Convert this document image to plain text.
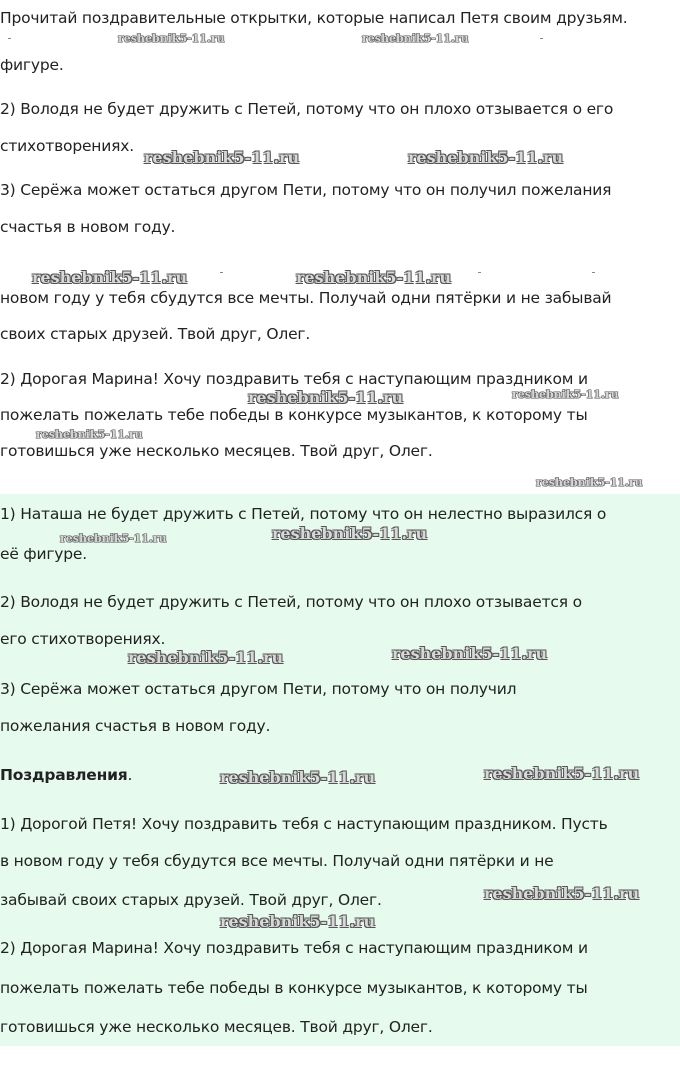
Прочитай поздравительные открытки, которые написал Петя своим друзьям.

фигуре.

2) Володя не будет дружить с Петей, потому что он плохо отзывается о его

стихотворениях.

3) Серёжа может остаться другом Пети, потому что он получил пожелания

счастья в новом году.

новом году у тебя сбудутся все мечты. Получай одни пятёрки и не забывай

своих старых друзей. Твой друг, Олег.

2) Дорогая Марина! Хочу поздравить тебя с наступающим праздником и

пожелать пожелать тебе победы в конкурсе музыкантов, к которому ты

готовишься уже несколько месяцев. Твой друг, Олег.

1) Наташа не будет дружить с Петей, потому что он нелестно выразился о

её фигуре.

2) Володя не будет дружить с Петей, потому что он плохо отзывается о

его стихотворениях.

3) Серёжа может остаться другом Пети, потому что он получил

пожелания счастья в новом году.

Поздравления.

1) Дорогой Петя! Хочу поздравить тебя с наступающим праздником. Пусть

в новом году у тебя сбудутся все мечты. Получай одни пятёрки и не

забывай своих старых друзей. Твой друг, Олег.

2) Дорогая Марина! Хочу поздравить тебя с наступающим праздником и

пожелать пожелать тебе победы в конкурсе музыкантов, к которому ты

готовишься уже несколько месяцев. Твой друг, Олег.

reshebnik5-11.ru	reshebnik5-11.ru
reshebnik5-11.ru	reshebnik5-11.ru
reshebnik5-11.ru	reshebnik5-11.ru
reshebnik5-11.ru	reshebnik5-11.ru
reshebnik5-11.ru
reshebnik5-11.ru
reshebnik5-11.ru	reshebnik5-11.ru
reshebnik5-11.ru	reshebnik5-11.ru
reshebnik5-11.ru	reshebnik5-11.ru
reshebnik5-11.ru
reshebnik5-11.ru
